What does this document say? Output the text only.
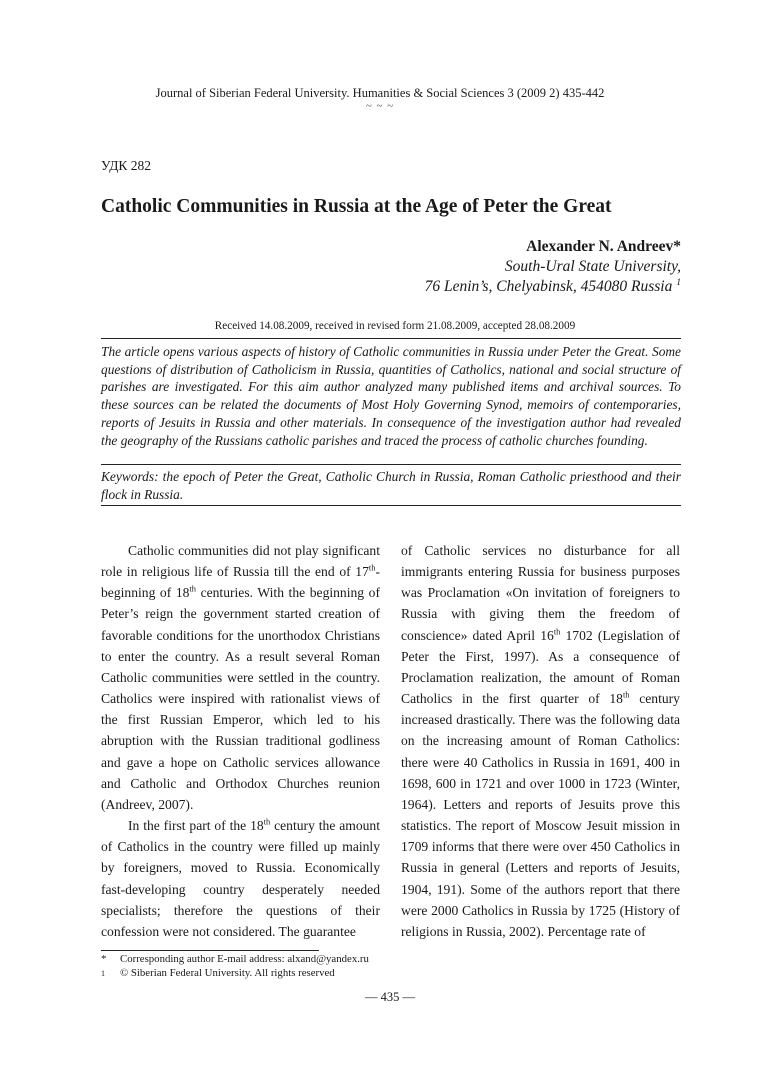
Journal of Siberian Federal University. Humanities & Social Sciences 3 (2009 2) 435-442
~ ~ ~
УДК 282
Catholic Communities in Russia at the Age of Peter the Great
Alexander N. Andreev*
South-Ural State University,
76 Lenin’s, Chelyabinsk, 454080 Russia $^1$
Received 14.08.2009, received in revised form 21.08.2009, accepted 28.08.2009
The article opens various aspects of history of Catholic communities in Russia under Peter the Great. Some questions of distribution of Catholicism in Russia, quantities of Catholics, national and social structure of parishes are investigated. For this aim author analyzed many published items and archival sources. To these sources can be related the documents of Most Holy Governing Synod, memoirs of contemporaries, reports of Jesuits in Russia and other materials. In consequence of the investigation author had revealed the geography of the Russians catholic parishes and traced the process of catholic churches founding.
Keywords: the epoch of Peter the Great, Catholic Church in Russia, Roman Catholic priesthood and their flock in Russia.

Catholic communities did not play significant role in religious life of Russia till the end of 17th-beginning of 18th centuries. With the beginning of Peter’s reign the government started creation of favorable conditions for the unorthodox Christians to enter the country. As a result several Roman Catholic communities were settled in the country. Catholics were inspired with rationalist views of the first Russian Emperor, which led to his abruption with the Russian traditional godliness and gave a hope on Catholic services allowance and Catholic and Orthodox Churches reunion (Andreev, 2007).

In the first part of the 18th century the amount of Catholics in the country were filled up mainly by foreigners, moved to Russia. Economically fast-developing country desperately needed specialists; therefore the questions of their confession were not considered. The guarantee

of Catholic services no disturbance for all immigrants entering Russia for business purposes was Proclamation «On invitation of foreigners to Russia with giving them the freedom of conscience» dated April 16th 1702 (Legislation of Peter the First, 1997). As a consequence of Proclamation realization, the amount of Roman Catholics in the first quarter of 18th century increased drastically. There was the following data on the increasing amount of Roman Catholics: there were 40 Catholics in Russia in 1691, 400 in 1698, 600 in 1721 and over 1000 in 1723 (Winter, 1964). Letters and reports of Jesuits prove this statistics. The report of Moscow Jesuit mission in 1709 informs that there were over 450 Catholics in Russia in general (Letters and reports of Jesuits, 1904, 191). Some of the authors report that there were 2000 Catholics in Russia by 1725 (History of religions in Russia, 2002). Percentage rate of

* Corresponding author E-mail address: alxand@yandex.ru
1 © Siberian Federal University. All rights reserved
— 435 —
